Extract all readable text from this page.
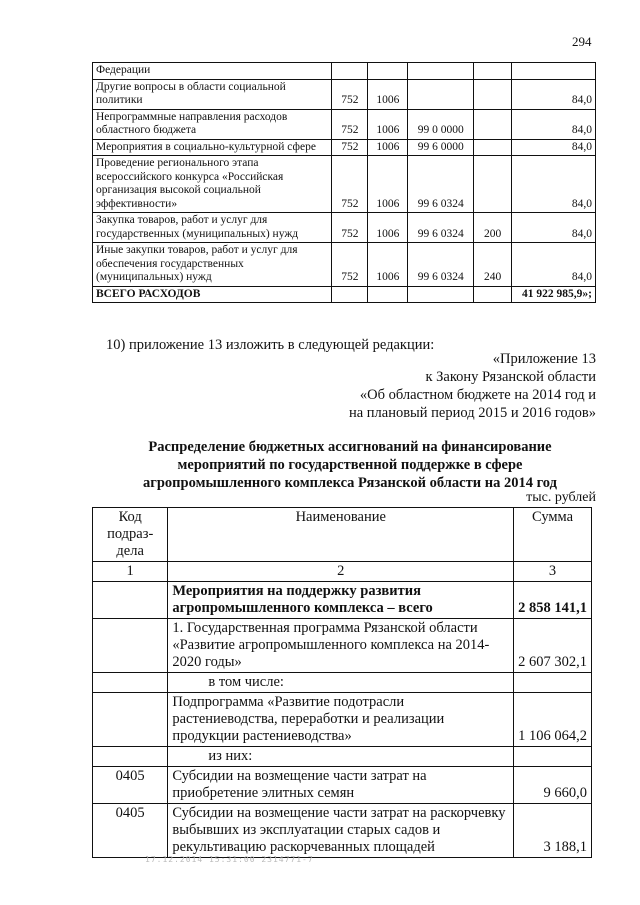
294
Федерации					
Другие вопросы в области социальной политики	752	1006			84,0
Непрограммные направления расходов областного бюджета	752	1006	99 0 0000		84,0
Мероприятия в социально-культурной сфере	752	1006	99 6 0000		84,0
Проведение регионального этапа всероссийского конкурса «Российская организация высокой социальной эффективности»	752	1006	99 6 0324		84,0
Закупка товаров, работ и услуг для государственных (муниципальных) нужд	752	1006	99 6 0324	200	84,0
Иные закупки товаров, работ и услуг для обеспечения государственных (муниципальных) нужд	752	1006	99 6 0324	240	84,0
ВСЕГО РАСХОДОВ					41 922 985,9»;
10) приложение 13 изложить в следующей редакции:
«Приложение 13
к Закону Рязанской области
«Об областном бюджете на 2014 год и
на плановый период 2015 и 2016 годов»
Распределение бюджетных ассигнований на финансирование
мероприятий по государственной поддержке в сфере
агропромышленного комплекса Рязанской области на 2014 год
тыс. рублей
Код подраз-дела	Наименование	Сумма
1	2	3
	Мероприятия на поддержку развития агропромышленного комплекса – всего	2 858 141,1
	1. Государственная программа Рязанской области «Развитие агропромышленного комплекса на 2014-2020 годы»	2 607 302,1
	в том числе:	
	Подпрограмма «Развитие подотрасли растениеводства, переработки и реализации продукции растениеводства»	1 106 064,2
	из них:	
0405	Субсидии на возмещение части затрат на приобретение элитных семян	9 660,0
0405	Субсидии на возмещение части затрат на раскорчевку выбывших из эксплуатации старых садов и рекультивацию раскорчеванных площадей	3 188,1
17.12.2014 15:31:00 2314771-7
